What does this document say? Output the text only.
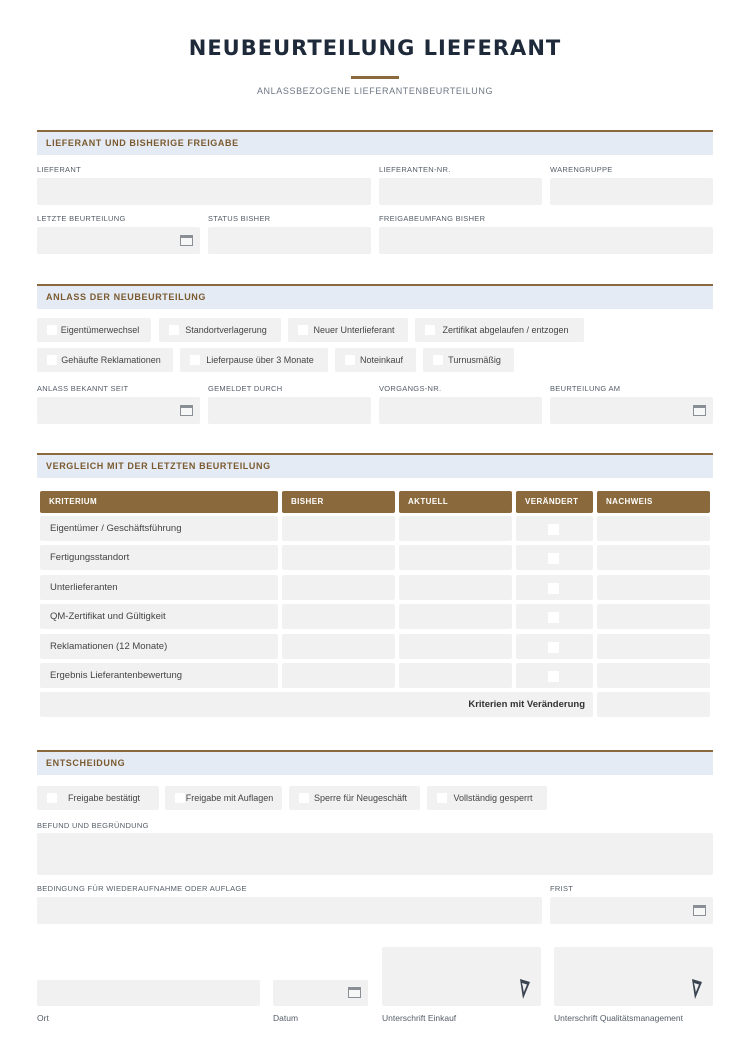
NEUBEURTEILUNG LIEFERANT
ANLASSBEZOGENE LIEFERANTENBEURTEILUNG
LIEFERANT UND BISHERIGE FREIGABE
LIEFERANT	LIEFERANTEN-NR.	WARENGRUPPE
LETZTE BEURTEILUNG	STATUS BISHER	FREIGABEUMFANG BISHER
ANLASS DER NEUBEURTEILUNG
Eigentümerwechsel	Standortverlagerung	Neuer Unterlieferant	Zertifikat abgelaufen / entzogen
Gehäufte Reklamationen	Lieferpause über 3 Monate	Noteinkauf	Turnusmäßig
ANLASS BEKANNT SEIT	GEMELDET DURCH	VORGANGS-NR.	BEURTEILUNG AM
VERGLEICH MIT DER LETZTEN BEURTEILUNG
KRITERIUM	BISHER	AKTUELL	VERÄNDERT	NACHWEIS
Eigentümer / Geschäftsführung
Fertigungsstandort
Unterlieferanten
QM-Zertifikat und Gültigkeit
Reklamationen (12 Monate)
Ergebnis Lieferantenbewertung
Kriterien mit Veränderung
ENTSCHEIDUNG
Freigabe bestätigt	Freigabe mit Auflagen	Sperre für Neugeschäft	Vollständig gesperrt
BEFUND UND BEGRÜNDUNG
BEDINGUNG FÜR WIEDERAUFNAHME ODER AUFLAGE	FRIST
Ort	Datum	Unterschrift Einkauf	Unterschrift Qualitätsmanagement
